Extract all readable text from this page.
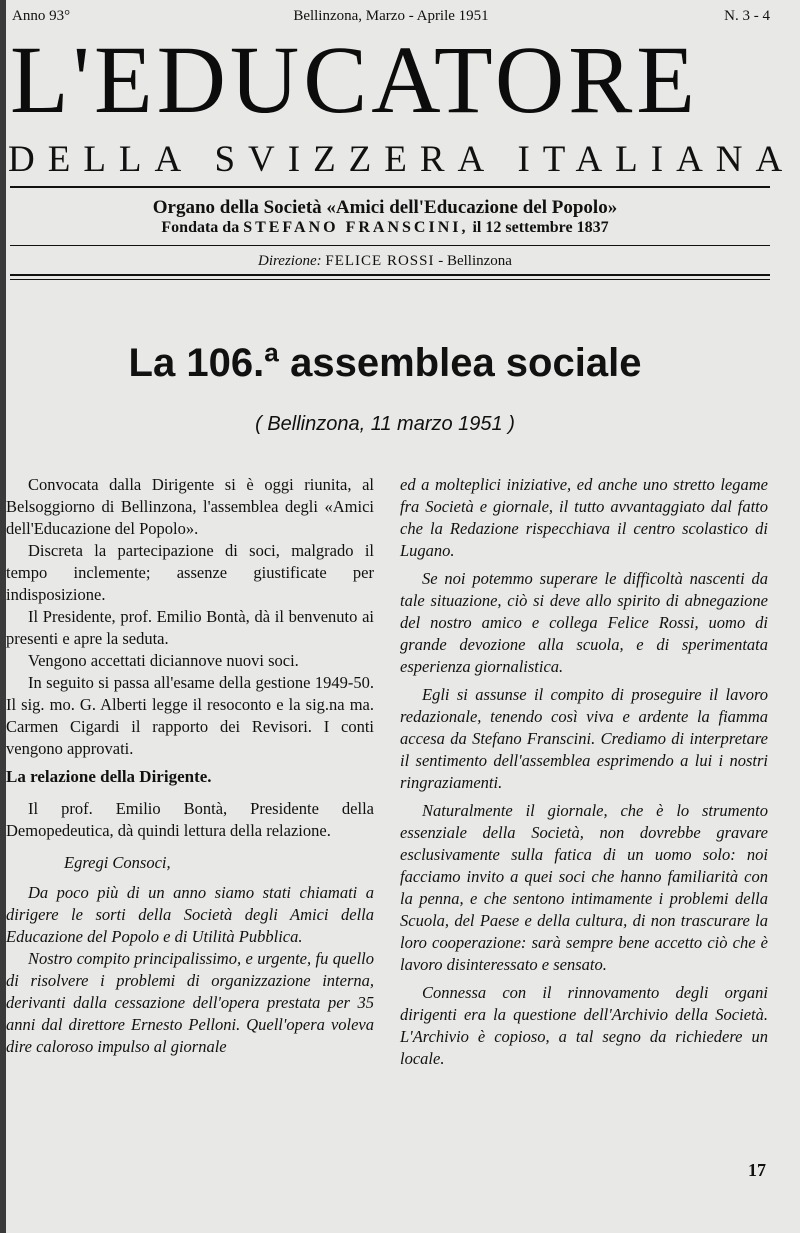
Anno 93°	Bellinzona, Marzo - Aprile 1951	N. 3 - 4
L'EDUCATORE
DELLA SVIZZERA ITALIANA
Organo della Società «Amici dell'Educazione del Popolo»
Fondata da STEFANO FRANSCINI, il 12 settembre 1837
Direzione: FELICE ROSSI - Bellinzona
La 106.ª assemblea sociale
( Bellinzona, 11 marzo 1951 )

Convocata dalla Dirigente si è oggi riunita, al Belsoggiorno di Bellinzona, l'assemblea degli «Amici dell'Educazione del Popolo».

Discreta la partecipazione di soci, malgrado il tempo inclemente; assenze giustificate per indisposizione.

Il Presidente, prof. Emilio Bontà, dà il benvenuto ai presenti e apre la seduta.

Vengono accettati diciannove nuovi soci.

In seguito si passa all'esame della gestione 1949-50. Il sig. mo. G. Alberti legge il resoconto e la sig.na ma. Carmen Cigardi il rapporto dei Revisori. I conti vengono approvati.

La relazione della Dirigente.

Il prof. Emilio Bontà, Presidente della Demopedeutica, dà quindi lettura della relazione.

Egregi Consoci,

Da poco più di un anno siamo stati chiamati a dirigere le sorti della Società degli Amici della Educazione del Popolo e di Utilità Pubblica.

Nostro compito principalissimo, e urgente, fu quello di risolvere i problemi di organizzazione interna, derivanti dalla cessazione dell'opera prestata per 35 anni dal direttore Ernesto Pelloni. Quell'opera voleva dire caloroso impulso al giornale

ed a molteplici iniziative, ed anche uno stretto legame fra Società e giornale, il tutto avvantaggiato dal fatto che la Redazione rispecchiava il centro scolastico di Lugano.

Se noi potemmo superare le difficoltà nascenti da tale situazione, ciò si deve allo spirito di abnegazione del nostro amico e collega Felice Rossi, uomo di grande devozione alla scuola, e di sperimentata esperienza giornalistica.

Egli si assunse il compito di proseguire il lavoro redazionale, tenendo così viva e ardente la fiamma accesa da Stefano Franscini. Crediamo di interpretare il sentimento dell'assemblea esprimendo a lui i nostri ringraziamenti.

Naturalmente il giornale, che è lo strumento essenziale della Società, non dovrebbe gravare esclusivamente sulla fatica di un uomo solo: noi facciamo invito a quei soci che hanno familiarità con la penna, e che sentono intimamente i problemi della Scuola, del Paese e della cultura, di non trascurare la loro cooperazione: sarà sempre bene accetto ciò che è lavoro disinteressato e sensato.

Connessa con il rinnovamento degli organi dirigenti era la questione dell'Archivio della Società. L'Archivio è copioso, a tal segno da richiedere un locale.

17
